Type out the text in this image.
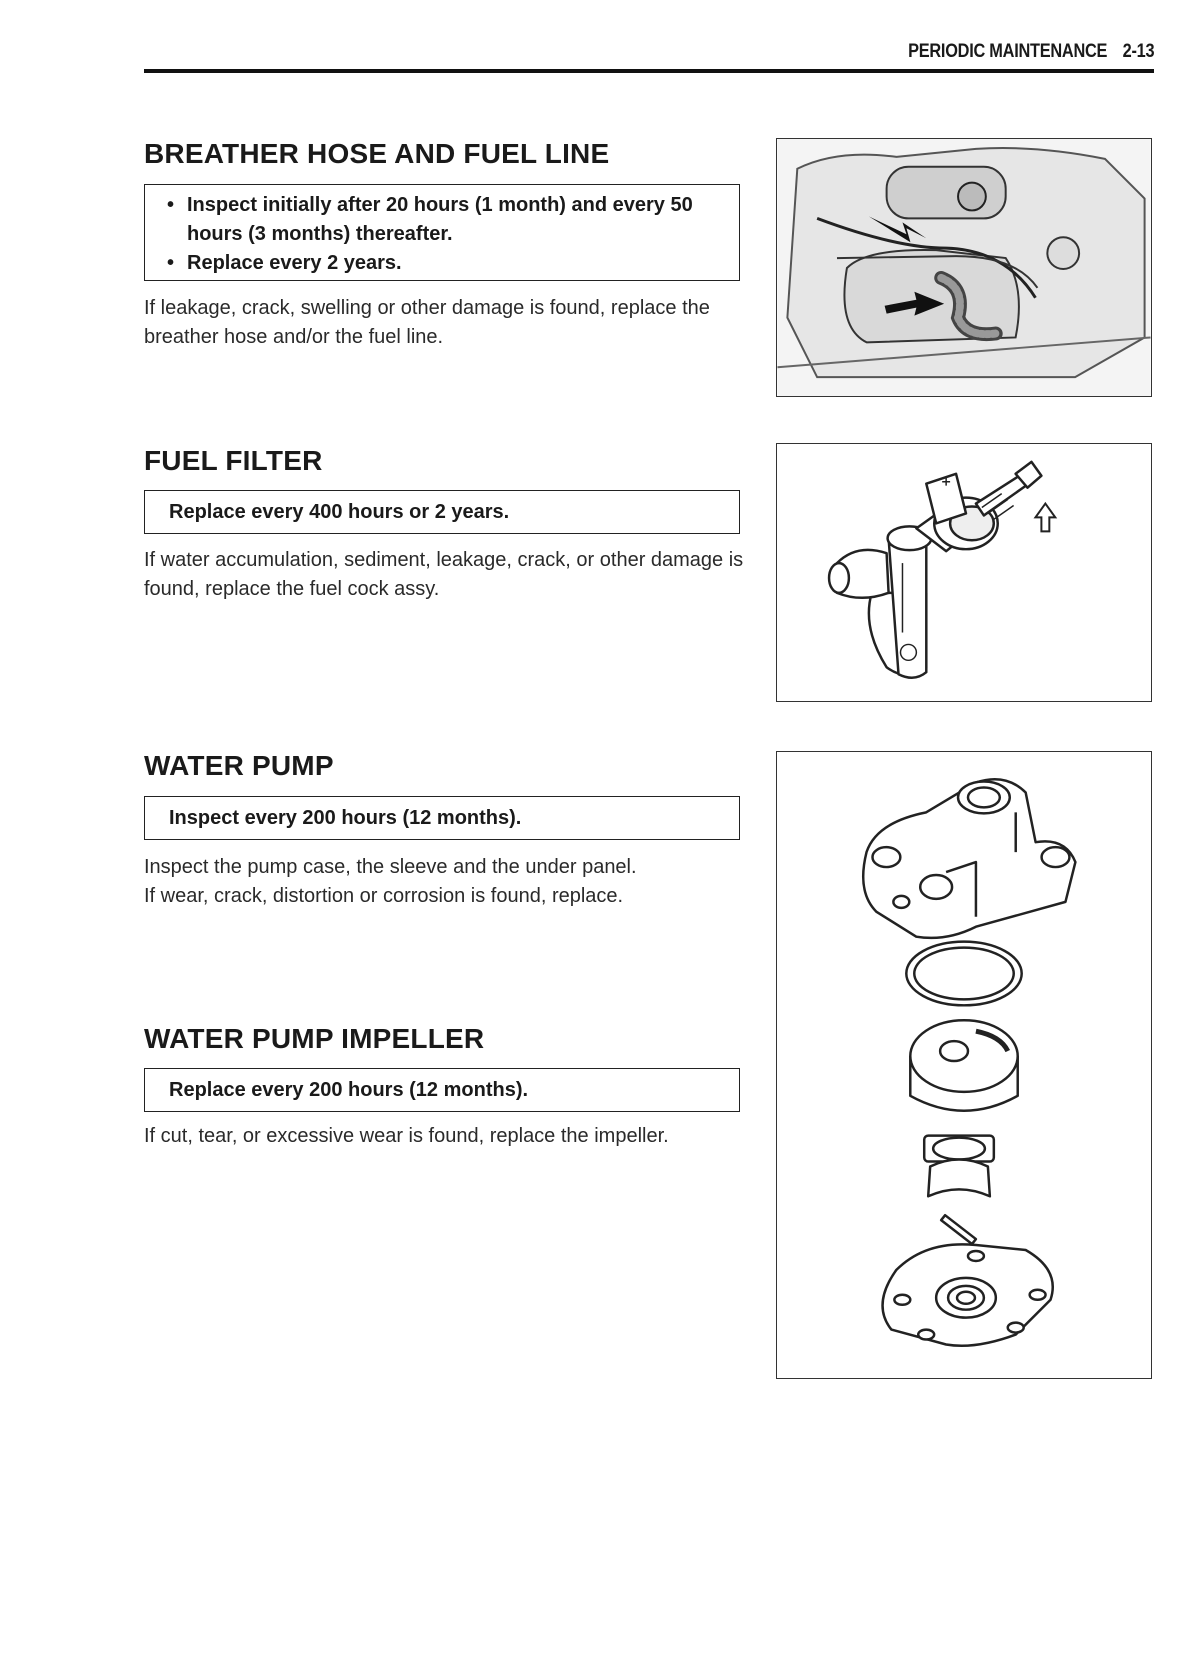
PERIODIC MAINTENANCE 2-13
BREATHER HOSE AND FUEL LINE
• Inspect initially after 20 hours (1 month) and every 50 hours (3 months) thereafter.
• Replace every 2 years.

If leakage, crack, swelling or other damage is found, replace the breather hose and/or the fuel line.

FUEL FILTER
Replace every 400 hours or 2 years.

If water accumulation, sediment, leakage, crack, or other damage is found, replace the fuel cock assy.

WATER PUMP
Inspect every 200 hours (12 months).

Inspect the pump case, the sleeve and the under panel.
If wear, crack, distortion or corrosion is found, replace.

WATER PUMP IMPELLER
Replace every 200 hours (12 months).

If cut, tear, or excessive wear is found, replace the impeller.
